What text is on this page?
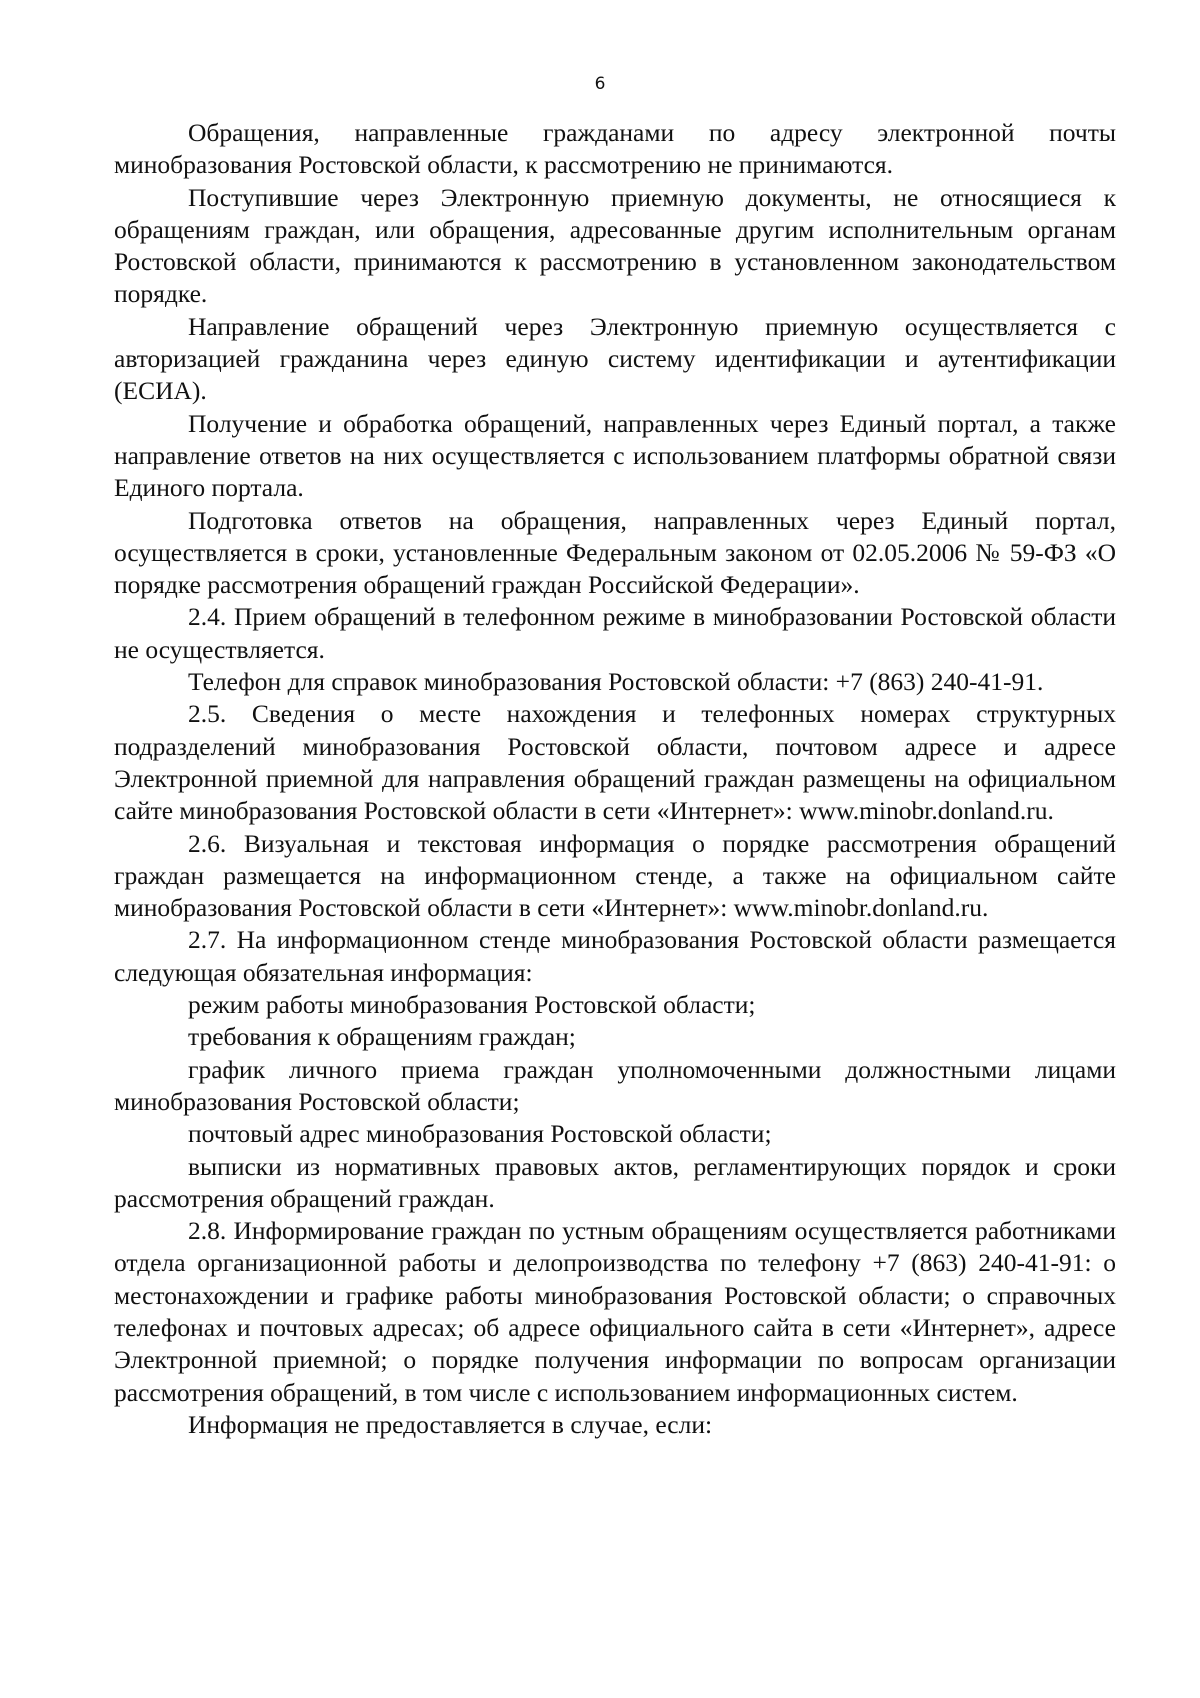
6

Обращения, направленные гражданами по адресу электронной почты минобразования Ростовской области, к рассмотрению не принимаются.

Поступившие через Электронную приемную документы, не относящиеся к обращениям граждан, или обращения, адресованные другим исполнительным органам Ростовской области, принимаются к рассмотрению в установленном законодательством порядке.

Направление обращений через Электронную приемную осуществляется с авторизацией гражданина через единую систему идентификации и аутентификации (ЕСИА).

Получение и обработка обращений, направленных через Единый портал, а также направление ответов на них осуществляется с использованием платформы обратной связи Единого портала.

Подготовка ответов на обращения, направленных через Единый портал, осуществляется в сроки, установленные Федеральным законом от 02.05.2006 № 59-ФЗ «О порядке рассмотрения обращений граждан Российской Федерации».

2.4. Прием обращений в телефонном режиме в минобразовании Ростовской области не осуществляется.

Телефон для справок минобразования Ростовской области: +7 (863) 240-41-91.

2.5. Сведения о месте нахождения и телефонных номерах структурных подразделений минобразования Ростовской области, почтовом адресе и адресе Электронной приемной для направления обращений граждан размещены на официальном сайте минобразования Ростовской области в сети «Интернет»: www.minobr.donland.ru.

2.6. Визуальная и текстовая информация о порядке рассмотрения обращений граждан размещается на информационном стенде, а также на официальном сайте минобразования Ростовской области в сети «Интернет»: www.minobr.donland.ru.

2.7. На информационном стенде минобразования Ростовской области размещается следующая обязательная информация:

режим работы минобразования Ростовской области;

требования к обращениям граждан;

график личного приема граждан уполномоченными должностными лицами минобразования Ростовской области;

почтовый адрес минобразования Ростовской области;

выписки из нормативных правовых актов, регламентирующих порядок и сроки рассмотрения обращений граждан.

2.8. Информирование граждан по устным обращениям осуществляется работниками отдела организационной работы и делопроизводства по телефону +7 (863) 240-41-91: о местонахождении и графике работы минобразования Ростовской области; о справочных телефонах и почтовых адресах; об адресе официального сайта в сети «Интернет», адресе Электронной приемной; о порядке получения информации по вопросам организации рассмотрения обращений, в том числе с использованием информационных систем.

Информация не предоставляется в случае, если:
